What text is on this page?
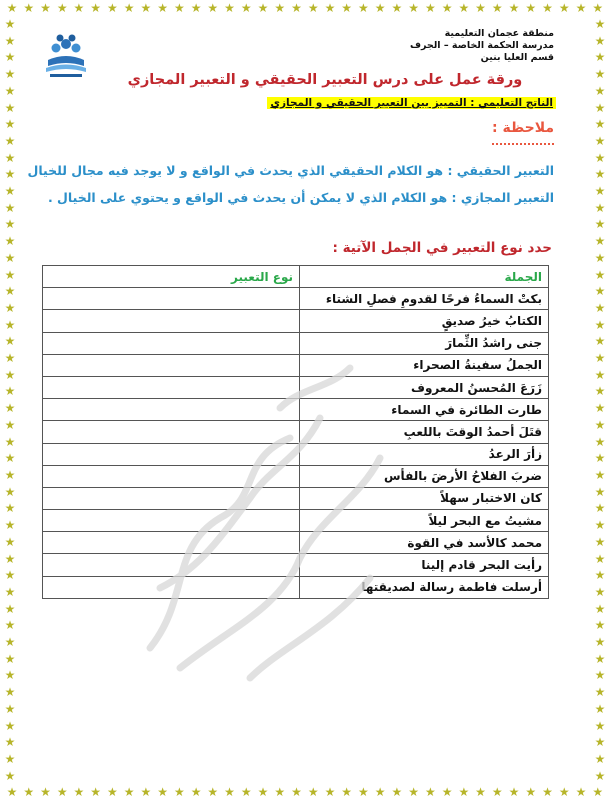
★ ★ ★ ★ ★ ★ ★ ★ ★ ★ ★ ★ ★ ★ ★ ★ ★ ★ ★ ★ ★ ★ ★ ★ ★ ★ ★ ★ ★ ★ ★ ★ ★ ★ ★ ★
★ ★ ★ ★ ★ ★ ★ ★ ★ ★ ★ ★ ★ ★ ★ ★ ★ ★ ★ ★ ★ ★ ★ ★ ★ ★ ★ ★ ★ ★ ★ ★ ★ ★ ★ ★
★
★
★
★
★
★
★
★
★
★
★
★
★
★
★
★
★
★
★
★
★
★
★
★
★
★
★
★
★
★
★
★
★
★
★
★
★
★
★
★
★
★
★
★
★
★
★
★
★
★
★
★
★
★
★
★
★
★
★
★
★
★
★
★
★
★
★
★
★
★
★
★
★
★
★
★
★
★
★
★
★
★
★
★
★
★
★
★
★
★
★
★
منطقة عجمان التعليمية
مدرسة الحكمة الخاصة – الجرف
قسم العليا بنين
ورقة عمل على درس التعبير الحقيقي و التعبير المجازي
الناتج التعليمي : التمييز بين التعبير الحقيقي و المجازي
ملاحظة :
التعبير الحقيقي : هو الكلام الحقيقي الذي يحدث في الواقع و لا يوجد فيه مجال للخيال
التعبير المجازي : هو الكلام الذي لا يمكن أن يحدث في الواقع و يحتوي على الخيال .
حدد نوع التعبير في الجمل الآتية :
الجملة	نوع التعبير
بكتْ السماءُ فرحًا لقدومِ فصلِ الشتاء	
الكتابُ خيرُ صديقٍ	
جنى راشدُ الثِّمارَ	
الجملُ سفينةُ الصحراء	
زَرَعَ المُحسنُ المعروف	
طارت الطائرة في السماء	
قتَلَ أحمدُ الوقتَ باللعبِ	
زأرَ الرعدُ	
ضربَ الفلاحُ الأرضَ بالفأس	
كان الاختبار سهلاً	
مشيتُ مع البحر ليلاً	
محمد كالأسد في القوة	
رأيت البحر قادم إلينا	
أرسلت فاطمة رسالة لصديقتها	
